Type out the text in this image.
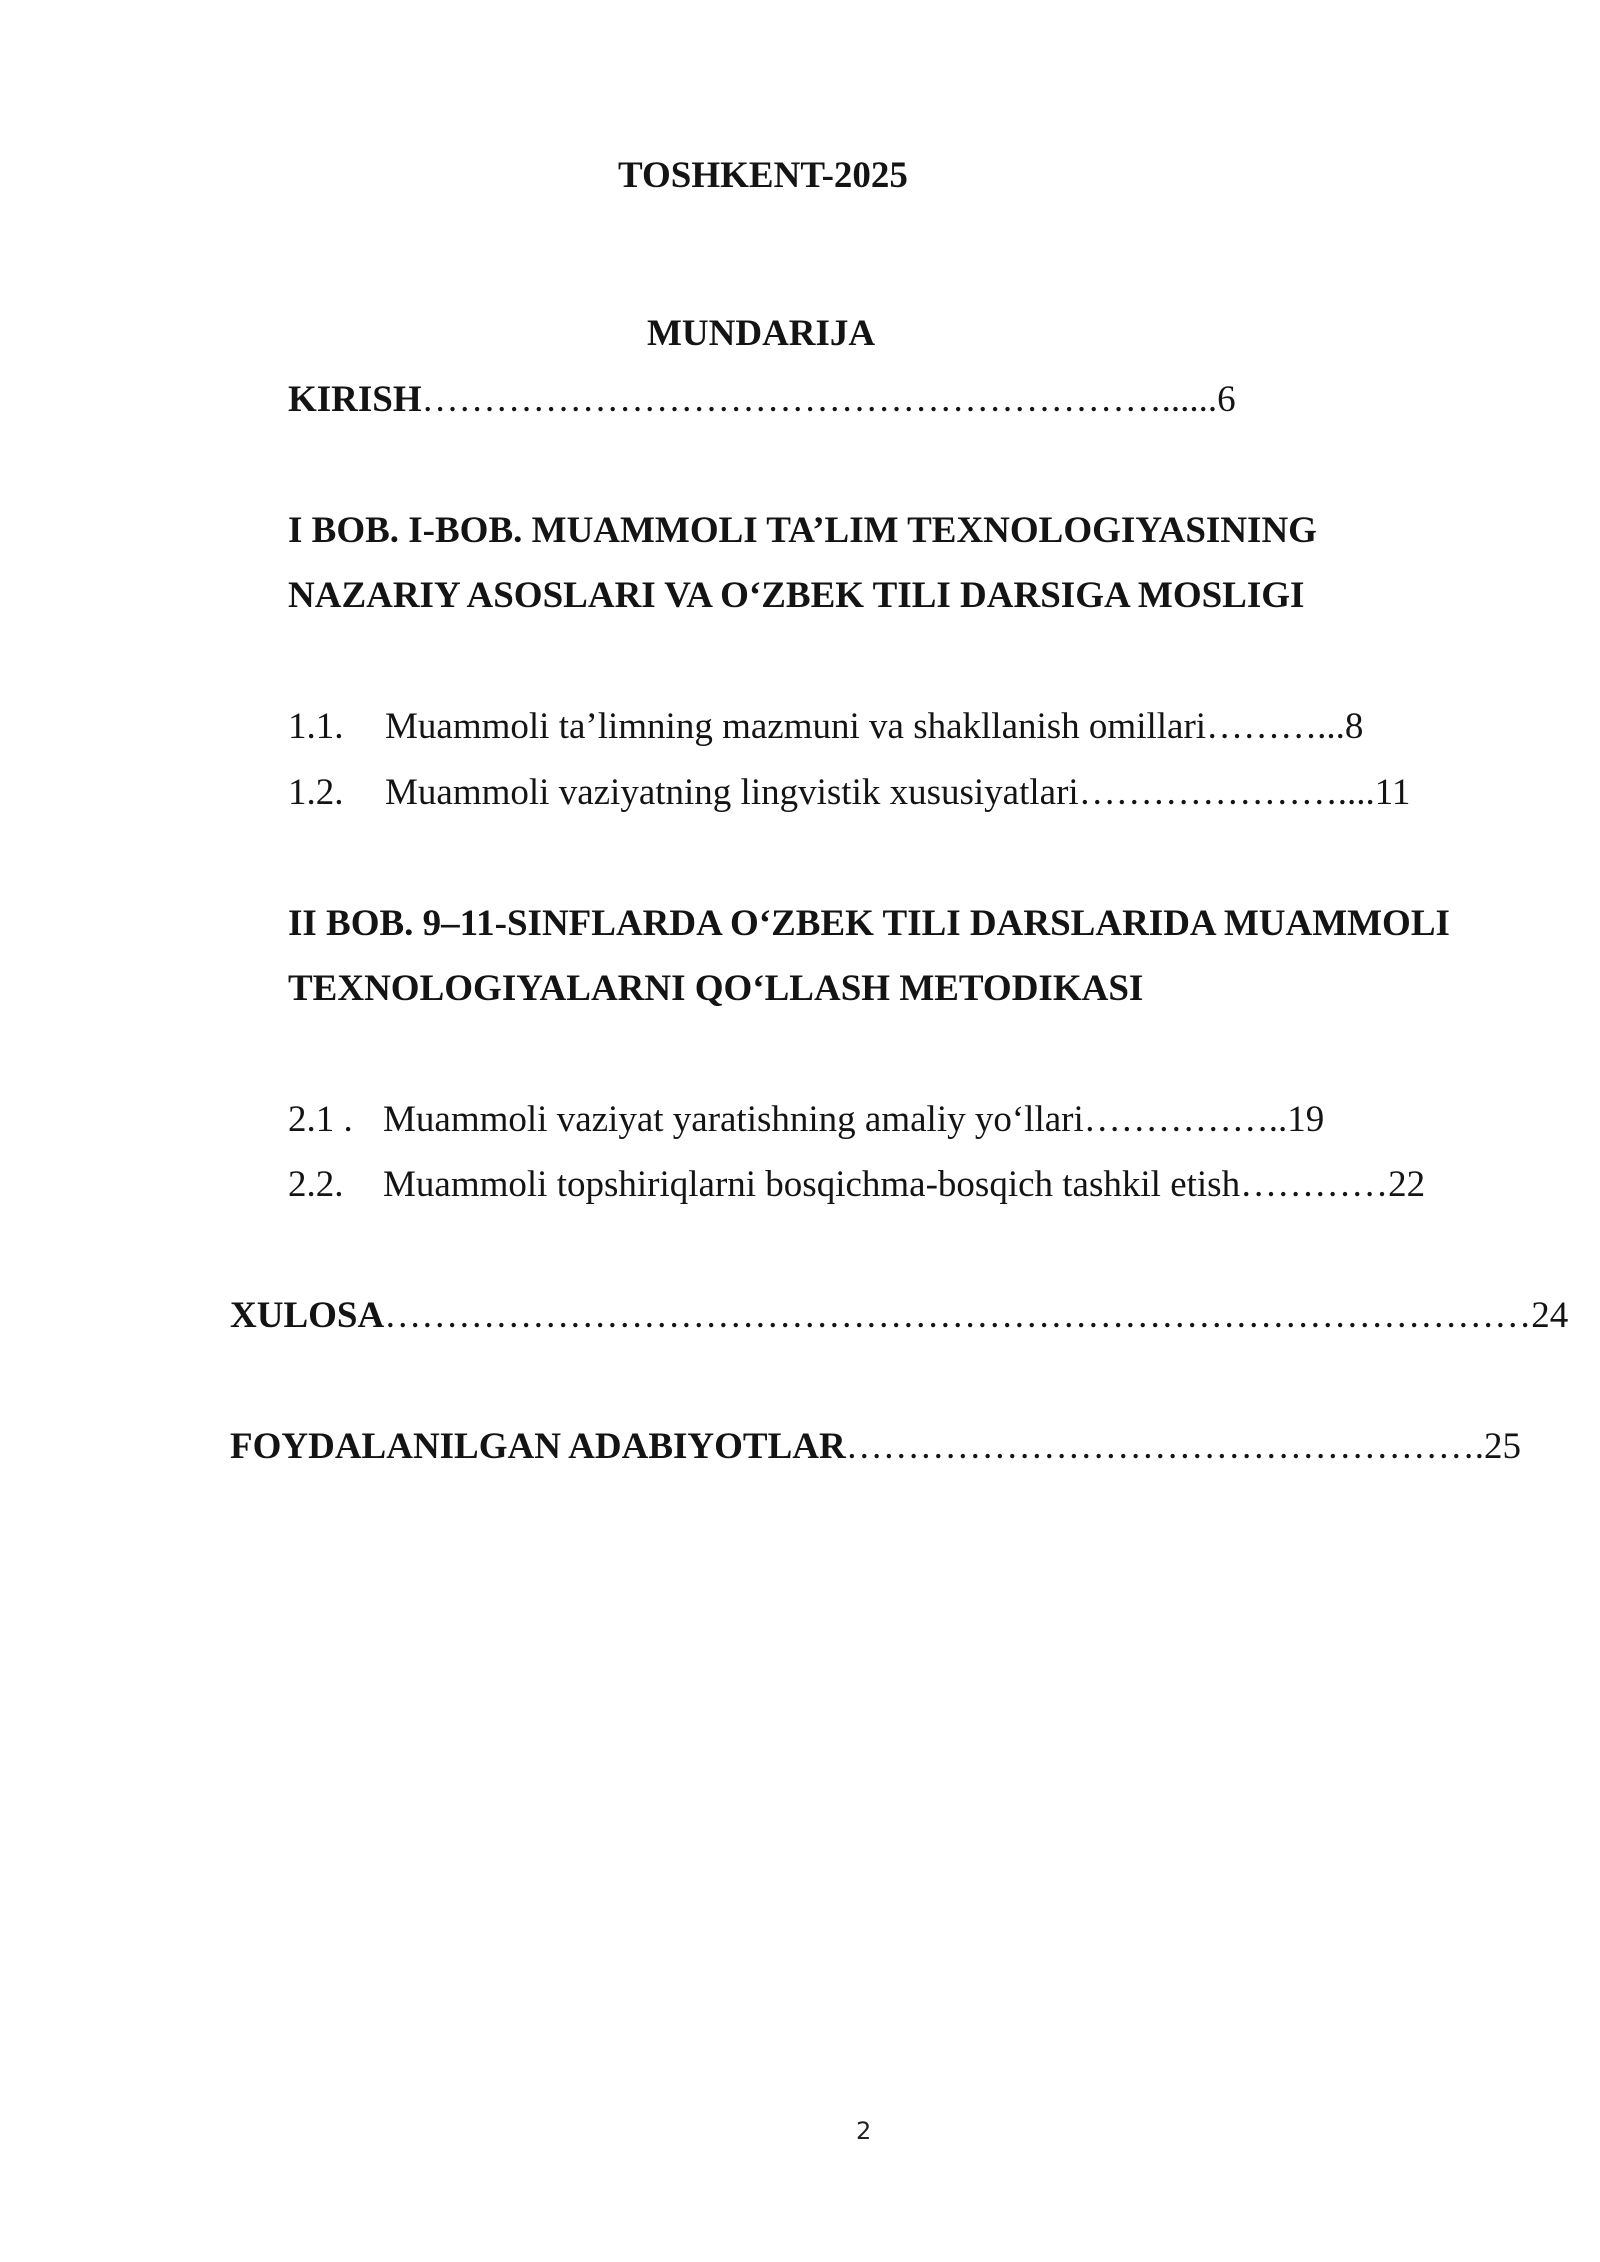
TOSHKENT-2025
MUNDARIJA
KIRISH……………………………………………………......6
I BOB. I-BOB. MUAMMOLI TA’LIM TEXNOLOGIYASINING
NAZARIY ASOSLARI VA O‘ZBEK TILI DARSIGA MOSLIGI
1.1. Muammoli ta’limning mazmuni va shakllanish omillari………...8
1.2. Muammoli vaziyatning lingvistik xususiyatlari…………………....11
II BOB. 9–11-SINFLARDA O‘ZBEK TILI DARSLARIDA MUAMMOLI
TEXNOLOGIYALARNI QO‘LLASH METODIKASI
2.1 . Muammoli vaziyat yaratishning amaliy yo‘llari……………..19
2.2. Muammoli topshiriqlarni bosqichma-bosqich tashkil etish…………22
XULOSA…………………………………………………………………………………24
FOYDALANILGAN ADABIYOTLAR…………………………………………….25
2
